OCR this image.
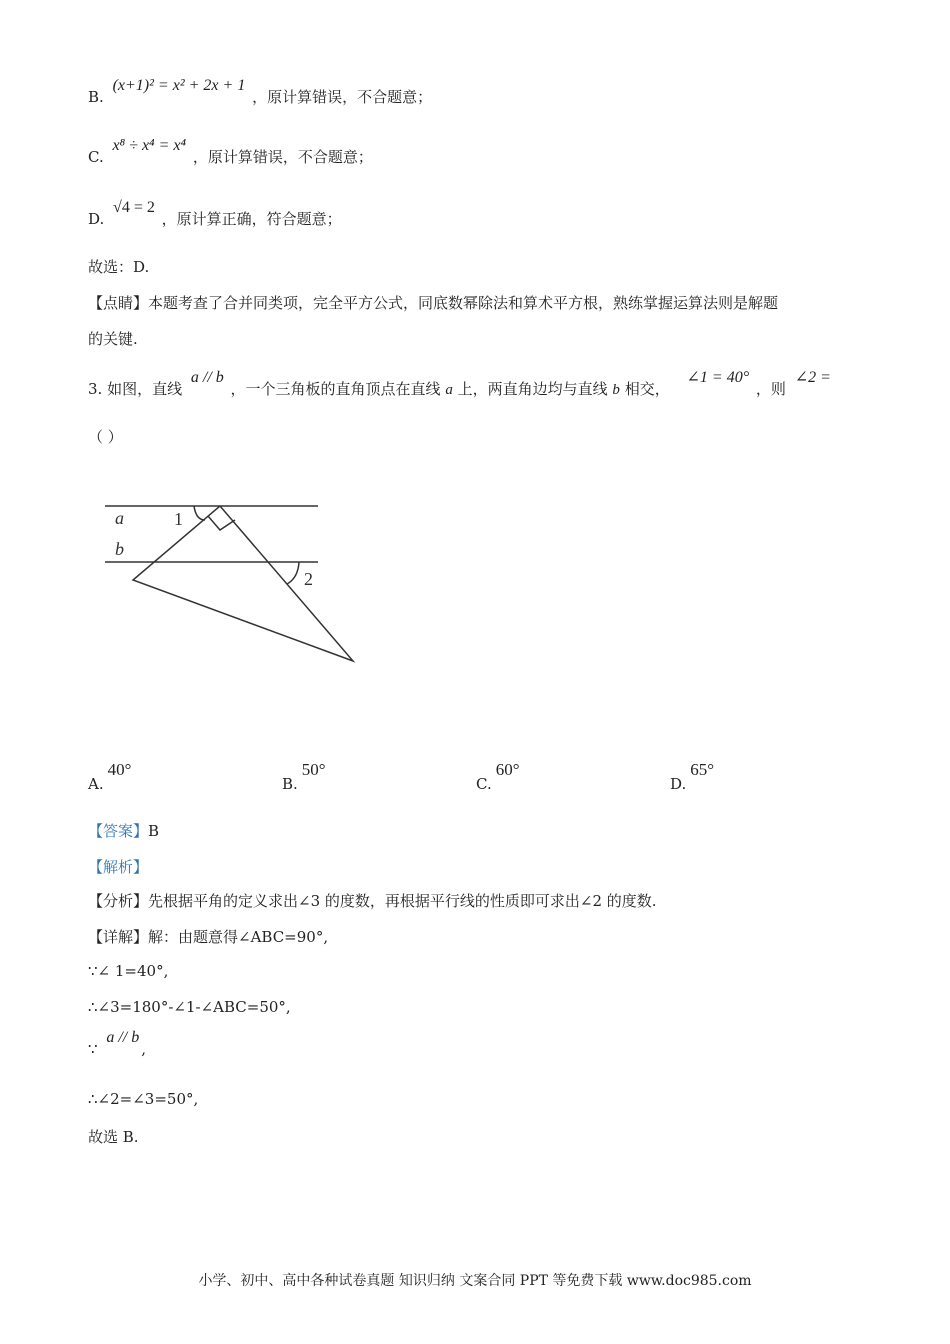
B. (x+1)² = x² + 2x + 1 ，原计算错误，不合题意；
C. x⁸ ÷ x⁴ = x⁴ ，原计算错误，不合题意；
D. √4 = 2 ，原计算正确，符合题意；
故选：D.
【点睛】本题考查了合并同类项，完全平方公式，同底数幂除法和算术平方根，熟练掌握运算法则是解题
的关键.
3. 如图，直线 a // b ，一个三角板的直角顶点在直线 a 上，两直角边均与直线 b 相交， ∠1 = 40° ，则 ∠2 =
（ ）
a
b
1
2
A.40°
B.50°
C.60°
D.65°
【答案】B
【解析】
【分析】先根据平角的定义求出∠3 的度数，再根据平行线的性质即可求出∠2 的度数.
【详解】解：由题意得∠ABC=90°,
∵∠ 1=40°,
∴∠3=180°-∠1-∠ABC=50°,
∵ a // b,
∴∠2=∠3=50°,
故选 B.
小学、初中、高中各种试卷真题 知识归纳 文案合同 PPT 等免费下载 www.doc985.com
